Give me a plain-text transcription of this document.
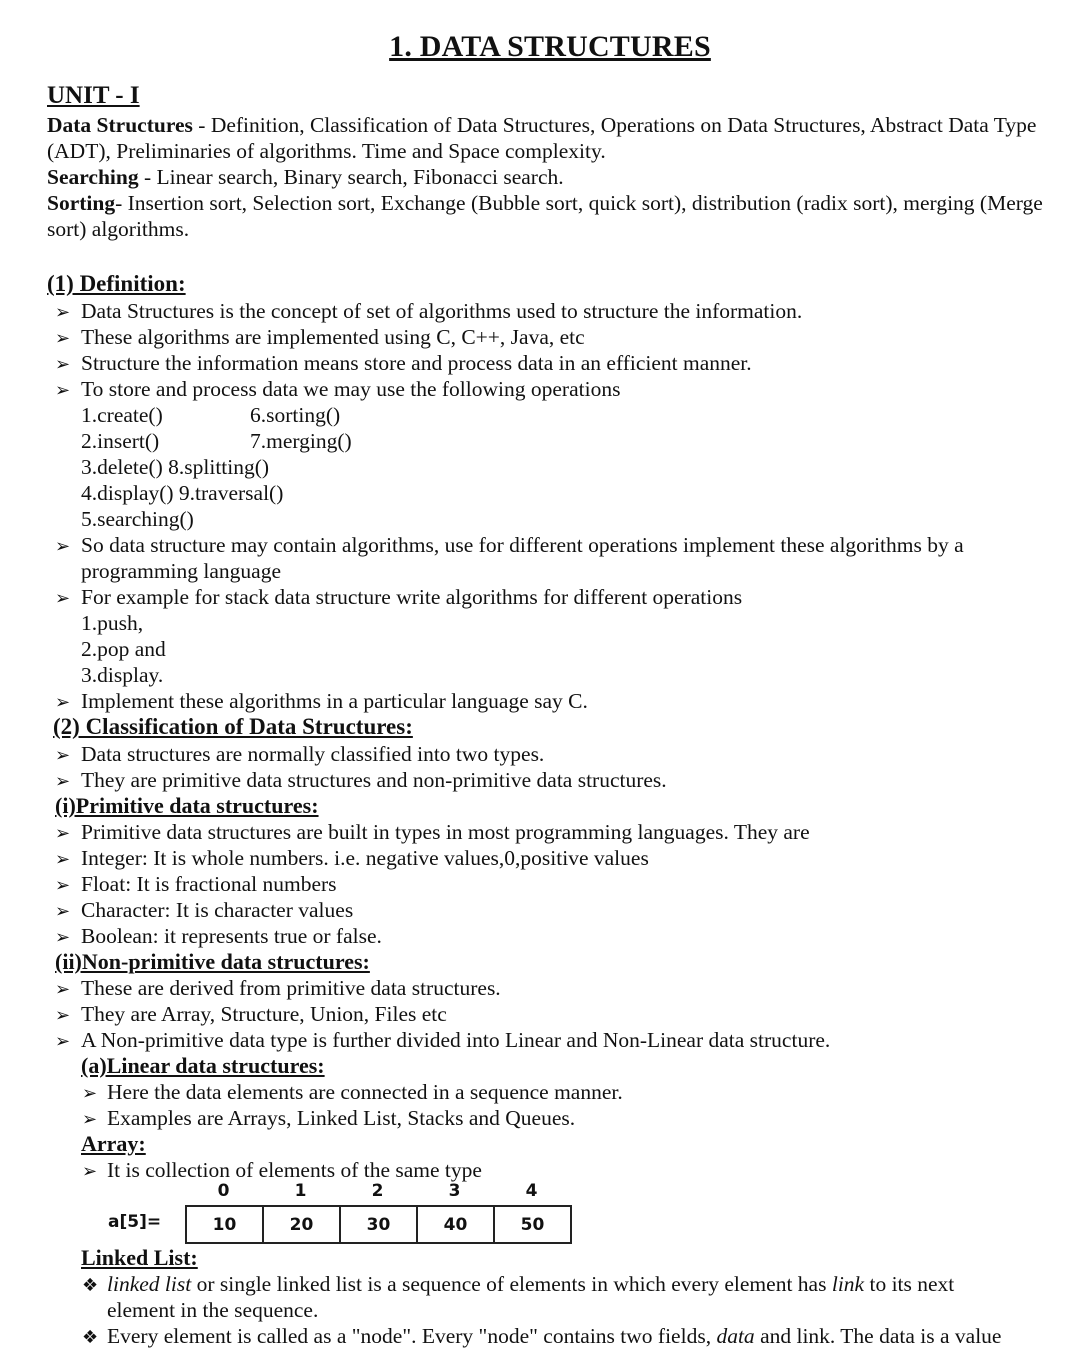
1. DATA STRUCTURES
UNIT - I

Data Structures - Definition, Classification of Data Structures, Operations on Data Structures, Abstract Data Type (ADT), Preliminaries of algorithms. Time and Space complexity.

Searching - Linear search, Binary search, Fibonacci search.

Sorting- Insertion sort, Selection sort, Exchange (Bubble sort, quick sort), distribution (radix sort), merging (Merge sort) algorithms.

(1) Definition:
➢ Data Structures is the concept of set of algorithms used to structure the information.
➢ These algorithms are implemented using C, C++, Java, etc
➢ Structure the information means store and process data in an efficient manner.
➢ To store and process data we may use the following operations
1.create()	6.sorting()
2.insert()	7.merging()
3.delete() 8.splitting()
4.display() 9.traversal()
5.searching()
➢ So data structure may contain algorithms, use for different operations implement these algorithms by a
programming language
➢ For example for stack data structure write algorithms for different operations
1.push,
2.pop and
3.display.
➢ Implement these algorithms in a particular language say C.
(2) Classification of Data Structures:
➢ Data structures are normally classified into two types.
➢ They are primitive data structures and non-primitive data structures.
(i)Primitive data structures:
➢ Primitive data structures are built in types in most programming languages. They are
➢ Integer: It is whole numbers. i.e. negative values,0,positive values
➢ Float: It is fractional numbers
➢ Character: It is character values
➢ Boolean: it represents true or false.
(ii)Non-primitive data structures:
➢ These are derived from primitive data structures.
➢ They are Array, Structure, Union, Files etc
➢ A Non-primitive data type is further divided into Linear and Non-Linear data structure.
(a)Linear data structures:
➢ Here the data elements are connected in a sequence manner.
➢ Examples are Arrays, Linked List, Stacks and Queues.
Array:
➢ It is collection of elements of the same type
0	1	2	3	4
a[5]=	10	20	30	40	50
Linked List:
❖ linked list or single linked list is a sequence of elements in which every element has link to its next
element in the sequence.
❖ Every element is called as a "node". Every "node" contains two fields, data and link. The data is a value
